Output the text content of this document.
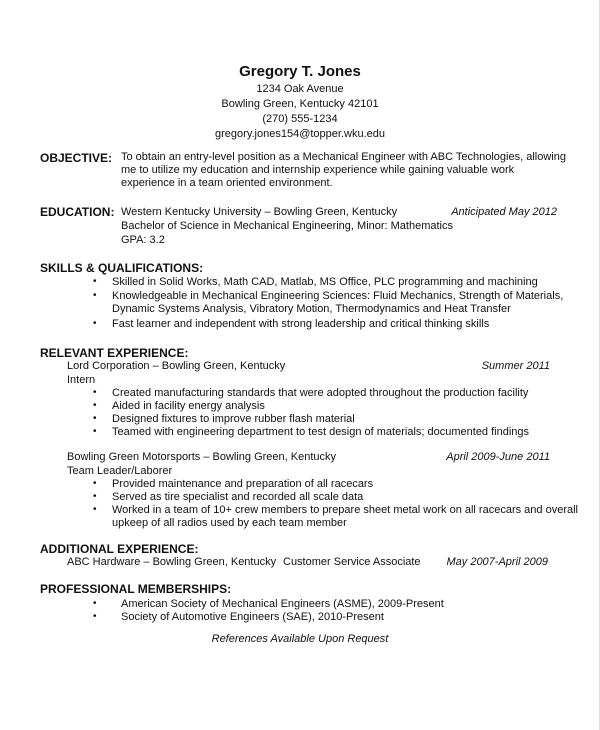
Gregory T. Jones
1234 Oak Avenue
Bowling Green, Kentucky 42101
(270) 555-1234
gregory.jones154@topper.wku.edu
OBJECTIVE: To obtain an entry-level position as a Mechanical Engineer with ABC Technologies, allowing
me to utilize my education and internship experience while gaining valuable work
experience in a team oriented environment.
EDUCATION: Western Kentucky University – Bowling Green, Kentucky	Anticipated May 2012
Bachelor of Science in Mechanical Engineering, Minor: Mathematics
GPA: 3.2
SKILLS & QUALIFICATIONS:
• Skilled in Solid Works, Math CAD, Matlab, MS Office, PLC programming and machining
• Knowledgeable in Mechanical Engineering Sciences: Fluid Mechanics, Strength of Materials,
Dynamic Systems Analysis, Vibratory Motion, Thermodynamics and Heat Transfer
• Fast learner and independent with strong leadership and critical thinking skills
RELEVANT EXPERIENCE:
Lord Corporation – Bowling Green, Kentucky	Summer 2011
Intern
• Created manufacturing standards that were adopted throughout the production facility
• Aided in facility energy analysis
• Designed fixtures to improve rubber flash material
• Teamed with engineering department to test design of materials; documented findings
Bowling Green Motorsports – Bowling Green, Kentucky	April 2009-June 2011
Team Leader/Laborer
• Provided maintenance and preparation of all racecars
• Served as tire specialist and recorded all scale data
• Worked in a team of 10+ crew members to prepare sheet metal work on all racecars and overall
upkeep of all radios used by each team member
ADDITIONAL EXPERIENCE:
ABC Hardware – Bowling Green, Kentucky Customer Service Associate May 2007-April 2009
PROFESSIONAL MEMBERSHIPS:
• American Society of Mechanical Engineers (ASME), 2009-Present
• Society of Automotive Engineers (SAE), 2010-Present
References Available Upon Request
